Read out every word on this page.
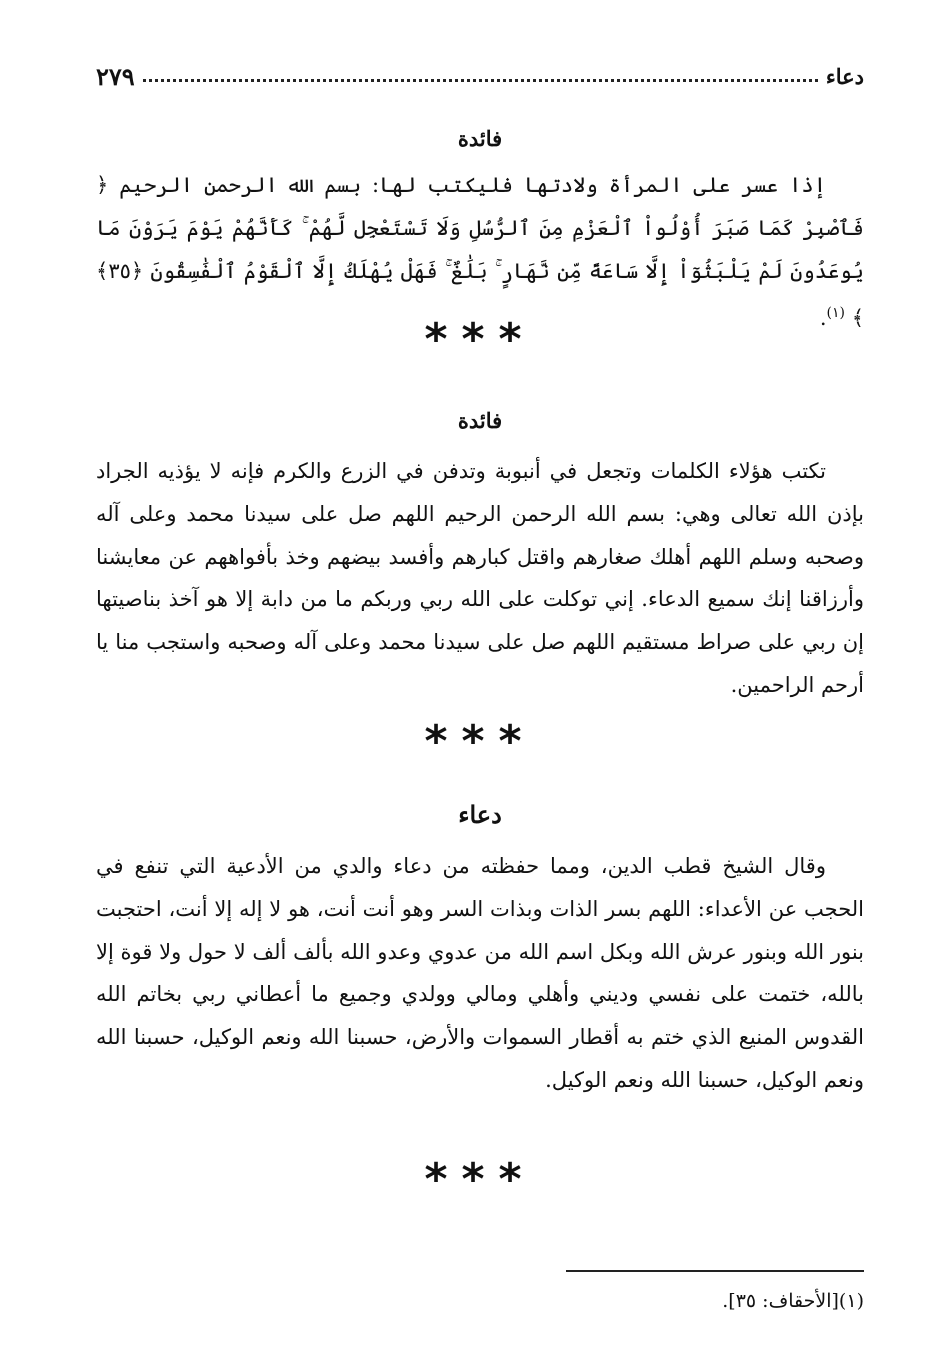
دعاء
٢٧٩
فائدة
إذا عسر على المرأة ولادتها فليكتب لها: بسم الله الرحمن الرحيم ﴿ فَٱصْبِرْ كَمَا صَبَرَ أُوْلُواْ ٱلْعَزْمِ مِنَ ٱلرُّسُلِ وَلَا تَسْتَعْجِل لَّهُمْ ۚ كَأَنَّهُمْ يَوْمَ يَرَوْنَ مَا يُوعَدُونَ لَمْ يَلْبَثُوٓاْ إِلَّا سَاعَةً مِّن نَّهَارٍ ۚ بَلَٰغٌ ۚ فَهَلْ يُهْلَكُ إِلَّا ٱلْقَوْمُ ٱلْفَٰسِقُونَ ﴿٣٥﴾ ﴾ $^{(١)}$.
***
فائدة
تكتب هؤلاء الكلمات وتجعل في أنبوبة وتدفن في الزرع والكرم فإنه لا يؤذيه الجراد بإذن الله تعالى وهي: بسم الله الرحمن الرحيم اللهم صل على سيدنا محمد وعلى آله وصحبه وسلم اللهم أهلك صغارهم واقتل كبارهم وأفسد بيضهم وخذ بأفواههم عن معايشنا وأرزاقنا إنك سميع الدعاء. إني توكلت على الله ربي وربكم ما من دابة إلا هو آخذ بناصيتها إن ربي على صراط مستقيم اللهم صل على سيدنا محمد وعلى آله وصحبه واستجب منا يا أرحم الراحمين.
***
دعاء
وقال الشيخ قطب الدين، ومما حفظته من دعاء والدي من الأدعية التي تنفع في الحجب عن الأعداء: اللهم بسر الذات وبذات السر وهو أنت أنت، هو لا إله إلا أنت، احتجبت بنور الله وبنور عرش الله وبكل اسم الله من عدوي وعدو الله بألف ألف لا حول ولا قوة إلا بالله، ختمت على نفسي وديني وأهلي ومالي وولدي وجميع ما أعطاني ربي بخاتم الله القدوس المنيع الذي ختم به أقطار السموات والأرض، حسبنا الله ونعم الوكيل، حسبنا الله ونعم الوكيل، حسبنا الله ونعم الوكيل.
***
(١)[الأحقاف: ٣٥].
